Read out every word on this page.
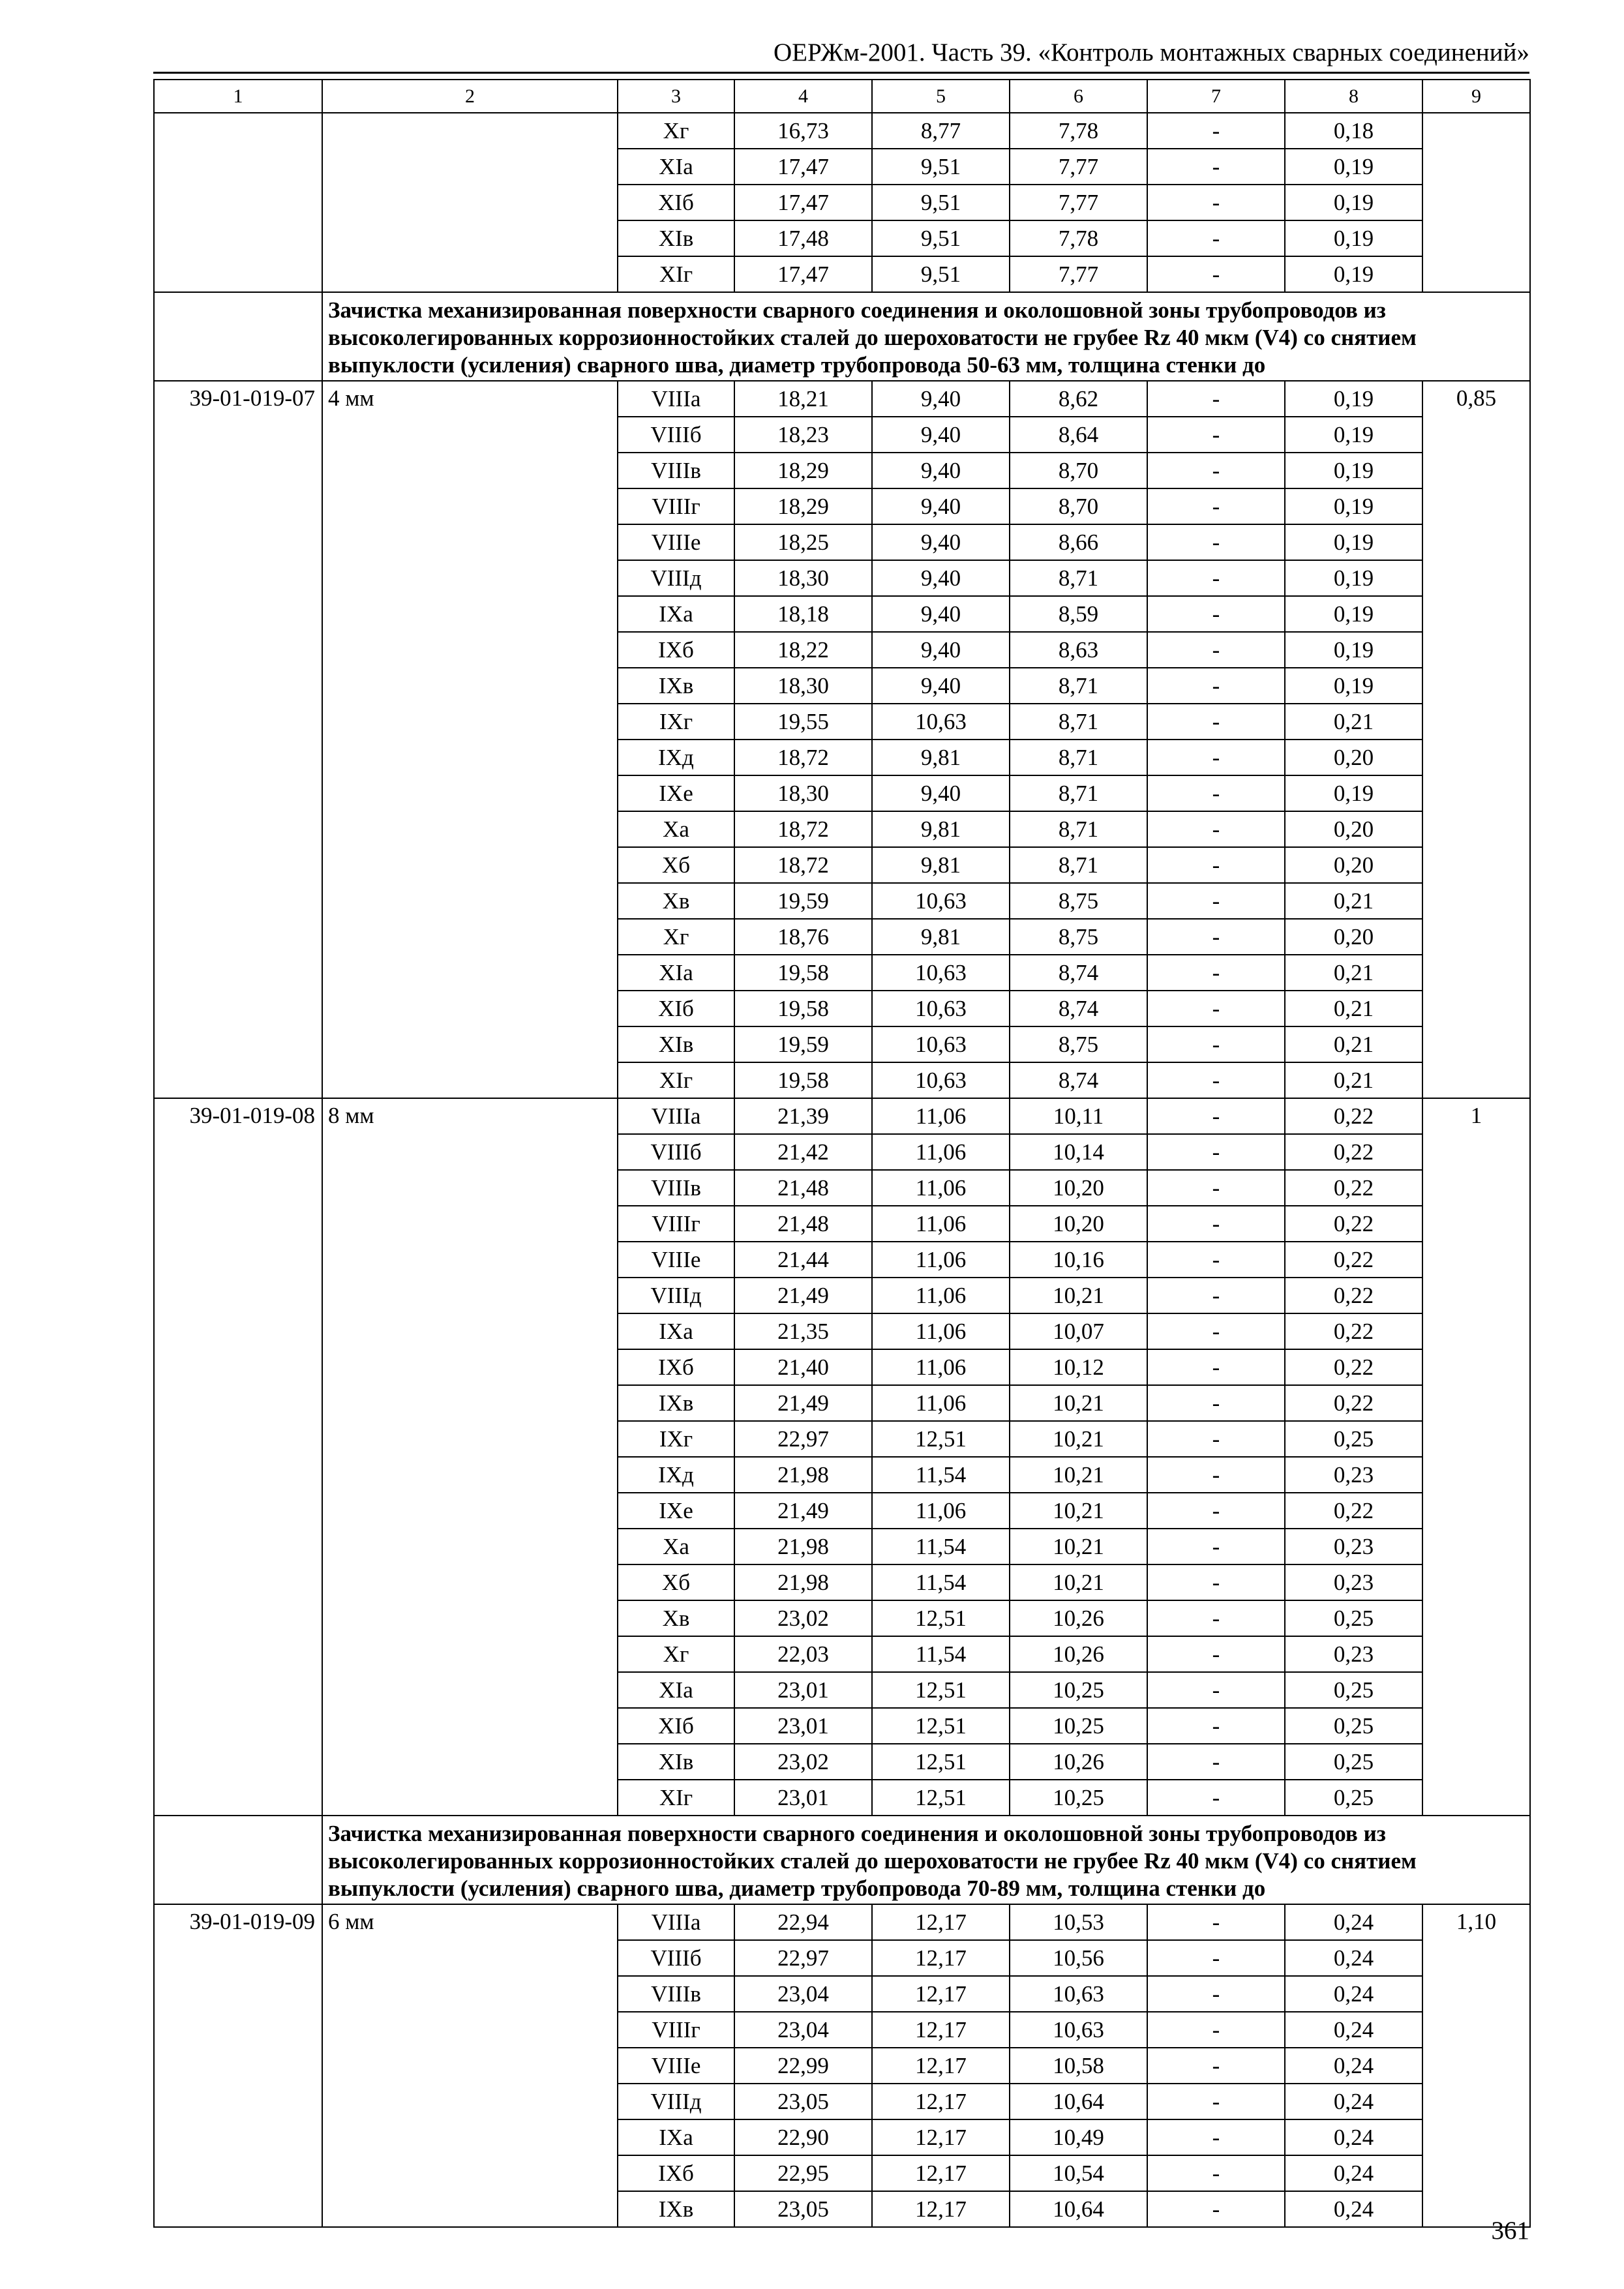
ОЕРЖм-2001. Часть 39. «Контроль монтажных сварных соединений»
1	2	3	4	5	6	7	8	9
		Xг	16,73	8,77	7,78	-	0,18	
		XIа	17,47	9,51	7,77	-	0,19	
		XIб	17,47	9,51	7,77	-	0,19	
		XIв	17,48	9,51	7,78	-	0,19	
		XIг	17,47	9,51	7,77	-	0,19	
	Зачистка механизированная поверхности сварного соединения и околошовной зоны трубопроводов из высоколегированных коррозионностойких сталей до шероховатости не грубее Rz 40 мкм (V4) со снятием выпуклости (усиления) сварного шва, диаметр трубопровода 50-63 мм, толщина стенки до							
39-01-019-07	4 мм	VIIIа	18,21	9,40	8,62	-	0,19	0,85
		VIIIб	18,23	9,40	8,64	-	0,19	
		VIIIв	18,29	9,40	8,70	-	0,19	
		VIIIг	18,29	9,40	8,70	-	0,19	
		VIIIе	18,25	9,40	8,66	-	0,19	
		VIIIд	18,30	9,40	8,71	-	0,19	
		IXа	18,18	9,40	8,59	-	0,19	
		IXб	18,22	9,40	8,63	-	0,19	
		IXв	18,30	9,40	8,71	-	0,19	
		IXг	19,55	10,63	8,71	-	0,21	
		IXд	18,72	9,81	8,71	-	0,20	
		IXе	18,30	9,40	8,71	-	0,19	
		Xа	18,72	9,81	8,71	-	0,20	
		Xб	18,72	9,81	8,71	-	0,20	
		Xв	19,59	10,63	8,75	-	0,21	
		Xг	18,76	9,81	8,75	-	0,20	
		XIа	19,58	10,63	8,74	-	0,21	
		XIб	19,58	10,63	8,74	-	0,21	
		XIв	19,59	10,63	8,75	-	0,21	
		XIг	19,58	10,63	8,74	-	0,21	
39-01-019-08	8 мм	VIIIа	21,39	11,06	10,11	-	0,22	1
		VIIIб	21,42	11,06	10,14	-	0,22	
		VIIIв	21,48	11,06	10,20	-	0,22	
		VIIIг	21,48	11,06	10,20	-	0,22	
		VIIIе	21,44	11,06	10,16	-	0,22	
		VIIIд	21,49	11,06	10,21	-	0,22	
		IXа	21,35	11,06	10,07	-	0,22	
		IXб	21,40	11,06	10,12	-	0,22	
		IXв	21,49	11,06	10,21	-	0,22	
		IXг	22,97	12,51	10,21	-	0,25	
		IXд	21,98	11,54	10,21	-	0,23	
		IXе	21,49	11,06	10,21	-	0,22	
		Xа	21,98	11,54	10,21	-	0,23	
		Xб	21,98	11,54	10,21	-	0,23	
		Xв	23,02	12,51	10,26	-	0,25	
		Xг	22,03	11,54	10,26	-	0,23	
		XIа	23,01	12,51	10,25	-	0,25	
		XIб	23,01	12,51	10,25	-	0,25	
		XIв	23,02	12,51	10,26	-	0,25	
		XIг	23,01	12,51	10,25	-	0,25	
	Зачистка механизированная поверхности сварного соединения и околошовной зоны трубопроводов из высоколегированных коррозионностойких сталей до шероховатости не грубее Rz 40 мкм (V4) со снятием выпуклости (усиления) сварного шва, диаметр трубопровода 70-89 мм, толщина стенки до							
39-01-019-09	6 мм	VIIIа	22,94	12,17	10,53	-	0,24	1,10
		VIIIб	22,97	12,17	10,56	-	0,24	
		VIIIв	23,04	12,17	10,63	-	0,24	
		VIIIг	23,04	12,17	10,63	-	0,24	
		VIIIе	22,99	12,17	10,58	-	0,24	
		VIIIд	23,05	12,17	10,64	-	0,24	
		IXа	22,90	12,17	10,49	-	0,24	
		IXб	22,95	12,17	10,54	-	0,24	
		IXв	23,05	12,17	10,64	-	0,24	
361
